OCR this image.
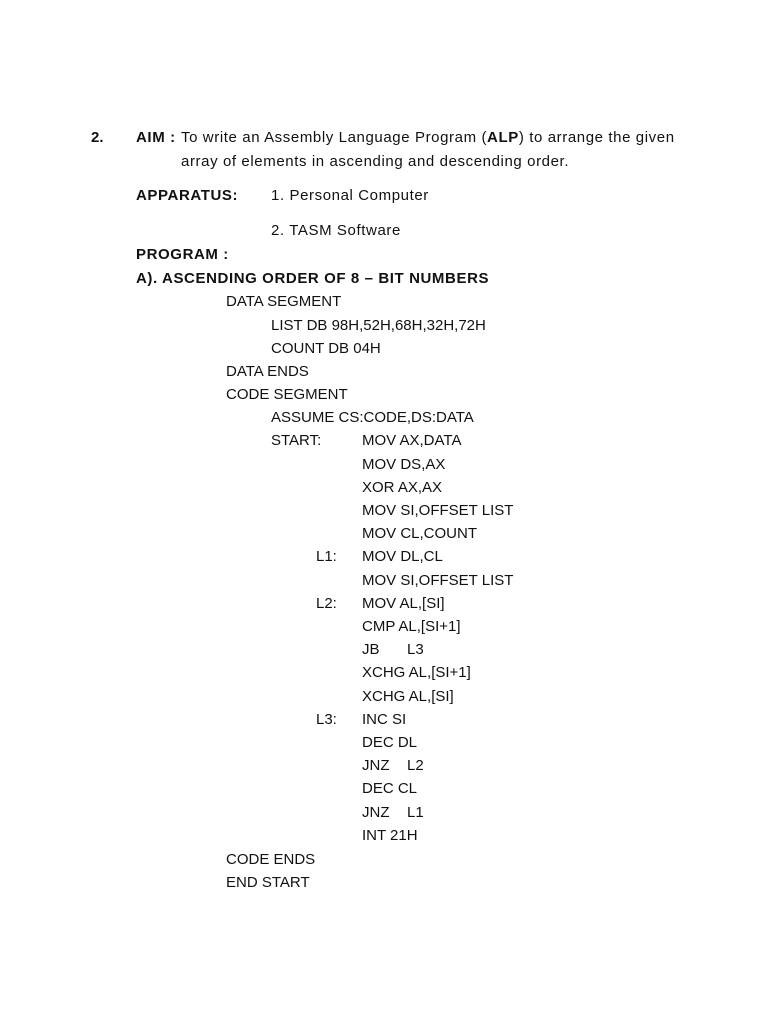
2. AIM : To write an Assembly Language Program (ALP) to arrange the given
array of elements in ascending and descending order.
APPARATUS: 1. Personal Computer
2. TASM Software
PROGRAM :
A). ASCENDING ORDER OF 8 – BIT NUMBERS
DATA SEGMENT
LIST DB 98H,52H,68H,32H,72H
COUNT DB 04H
DATA ENDS
CODE SEGMENT
ASSUME CS:CODE,DS:DATA
START:	MOV AX,DATA
MOV DS,AX
XOR AX,AX
MOV SI,OFFSET LIST
MOV CL,COUNT
L1: MOV DL,CL
MOV SI,OFFSET LIST
L2: MOV AL,[SI]
CMP AL,[SI+1]
JB L3
XCHG AL,[SI+1]
XCHG AL,[SI]
L3: INC SI
DEC DL
JNZ L2
DEC CL
JNZ L1
INT 21H
CODE ENDS
END START
